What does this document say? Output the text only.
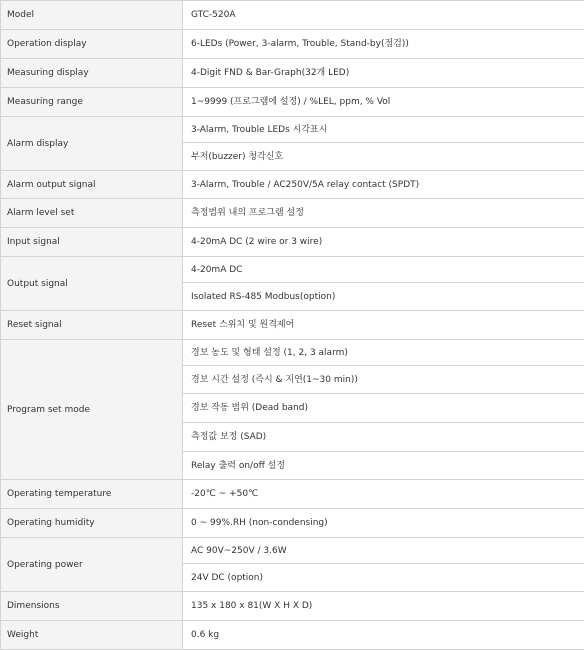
Model	GTC-520A
Operation display	6-LEDs (Power, 3-alarm, Trouble, Stand-by(점검))
Measuring display	4-Digit FND & Bar-Graph(32개 LED)
Measuring range	1~9999 (프로그램에 설정) / %LEL, ppm, % Vol
Alarm display	3-Alarm, Trouble LEDs 시각표시
	부저(buzzer) 청각신호
Alarm output signal	3-Alarm, Trouble / AC250V/5A relay contact (SPDT)
Alarm level set	측정범위 내의 프로그램 설정
Input signal	4-20mA DC (2 wire or 3 wire)
Output signal	4-20mA DC
	Isolated RS-485 Modbus(option)
Reset signal	Reset 스위치 및 원격제어
Program set mode	경보 농도 및 형태 설정 (1, 2, 3 alarm)
	경보 시간 설정 (즉시 & 지연(1~30 min))
	경보 작동 범위 (Dead band)
	측정값 보정 (SAD)
	Relay 출력 on/off 설정
Operating temperature	-20℃ ~ +50℃
Operating humidity	0 ~ 99%.RH (non-condensing)
Operating power	AC 90V~250V / 3.6W
	24V DC (option)
Dimensions	135 x 180 x 81(W X H X D)
Weight	0.6 kg
